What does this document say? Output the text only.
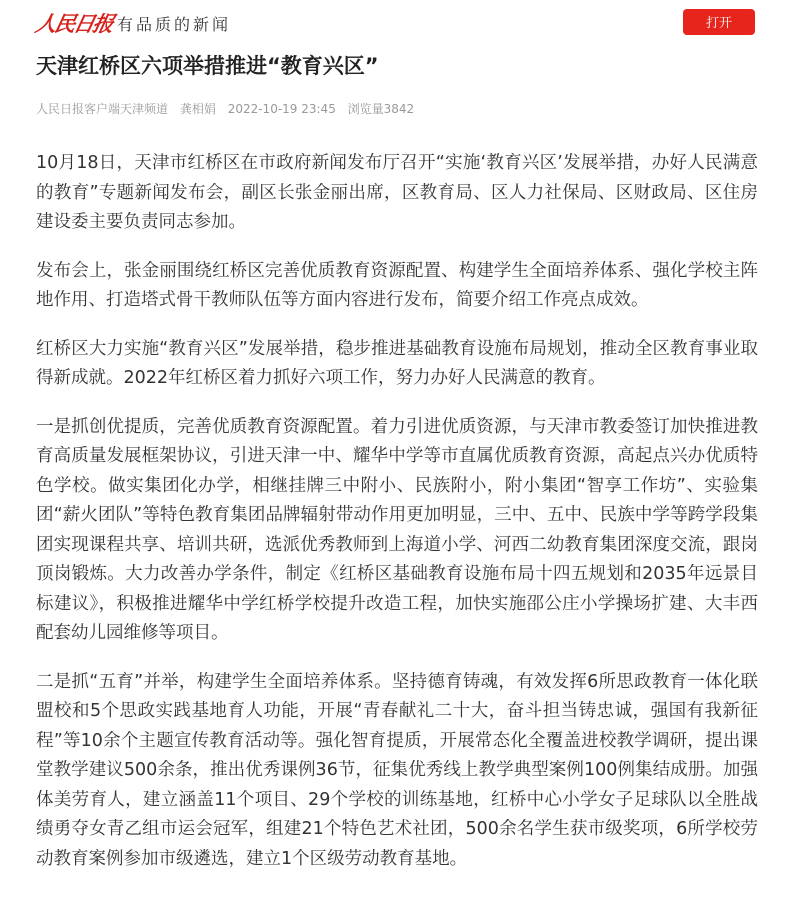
人民日报 有品质的新闻	打开
天津红桥区六项举措推进“教育兴区”
人民日报客户端天津频道 龚相娟 2022-10-19 23:45 浏览量3842

10月18日，天津市红桥区在市政府新闻发布厅召开“实施‘教育兴区’发展举措，办好人民满意的教育”专题新闻发布会，副区长张金丽出席，区教育局、区人力社保局、区财政局、区住房建设委主要负责同志参加。

发布会上，张金丽围绕红桥区完善优质教育资源配置、构建学生全面培养体系、强化学校主阵地作用、打造塔式骨干教师队伍等方面内容进行发布，简要介绍工作亮点成效。

红桥区大力实施“教育兴区”发展举措，稳步推进基础教育设施布局规划，推动全区教育事业取得新成就。2022年红桥区着力抓好六项工作，努力办好人民满意的教育。

一是抓创优提质，完善优质教育资源配置。着力引进优质资源，与天津市教委签订加快推进教育高质量发展框架协议，引进天津一中、耀华中学等市直属优质教育资源，高起点兴办优质特色学校。做实集团化办学，相继挂牌三中附小、民族附小，附小集团“智享工作坊”、实验集团“薪火团队”等特色教育集团品牌辐射带动作用更加明显，三中、五中、民族中学等跨学段集团实现课程共享、培训共研，选派优秀教师到上海道小学、河西二幼教育集团深度交流，跟岗顶岗锻炼。大力改善办学条件，制定《红桥区基础教育设施布局十四五规划和2035年远景目标建议》，积极推进耀华中学红桥学校提升改造工程，加快实施邵公庄小学操场扩建、大丰西配套幼儿园维修等项目。

二是抓“五育”并举，构建学生全面培养体系。坚持德育铸魂，有效发挥6所思政教育一体化联盟校和5个思政实践基地育人功能，开展“青春献礼二十大，奋斗担当铸忠诚，强国有我新征程”等10余个主题宣传教育活动等。强化智育提质，开展常态化全覆盖进校教学调研，提出课堂教学建议500余条，推出优秀课例36节，征集优秀线上教学典型案例100例集结成册。加强体美劳育人，建立涵盖11个项目、29个学校的训练基地，红桥中心小学女子足球队以全胜战绩勇夺女青乙组市运会冠军，组建21个特色艺术社团，500余名学生获市级奖项，6所学校劳动教育案例参加市级遴选，建立1个区级劳动教育基地。
